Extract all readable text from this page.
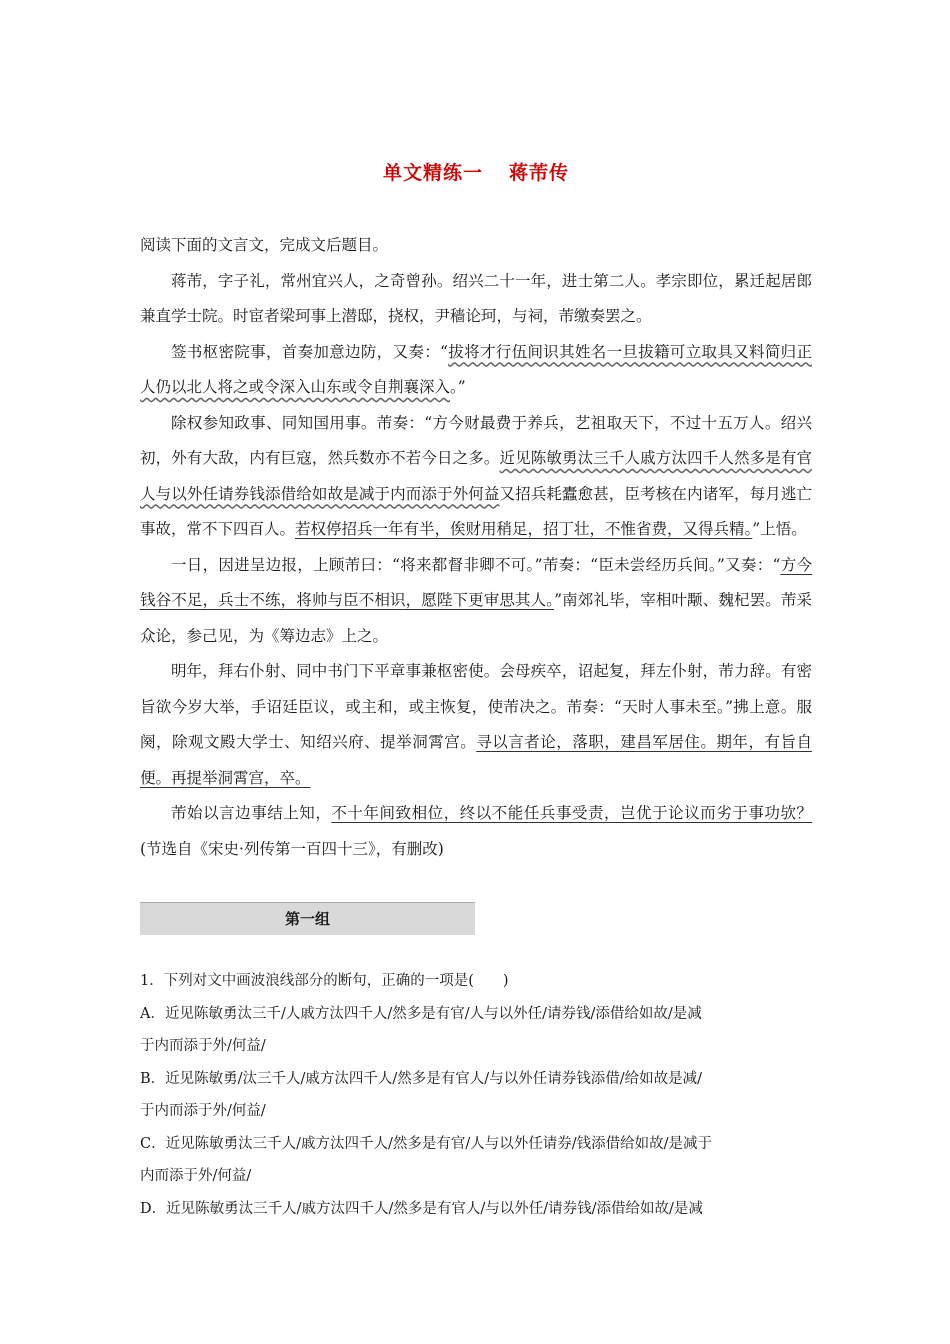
单文精练一 蒋芾传

阅读下面的文言文，完成文后题目。

蒋芾，字子礼，常州宜兴人，之奇曾孙。绍兴二十一年，进士第二人。孝宗即位，累迁起居郎兼直学士院。时宦者梁珂事上潜邸，挠权，尹穑论珂，与祠，芾缴奏罢之。

签书枢密院事，首奏加意边防，又奏：“拔将才行伍间识其姓名一旦拔籍可立取具又料简归正人仍以北人将之或令深入山东或令自荆襄深入。”

除权参知政事、同知国用事。芾奏：“方今财最费于养兵，艺祖取天下，不过十五万人。绍兴初，外有大敌，内有巨寇，然兵数亦不若今日之多。近见陈敏勇汰三千人戚方汰四千人然多是有官人与以外任请券钱添借给如故是减于内而添于外何益又招兵耗蠹愈甚，臣考核在内诸军，每月逃亡事故，常不下四百人。若权停招兵一年有半，俟财用稍足，招丁壮，不惟省费，又得兵精。”上悟。

一日，因进呈边报，上顾芾曰：“将来都督非卿不可。”芾奏：“臣未尝经历兵间。”又奏：“方今钱谷不足，兵士不练，将帅与臣不相识，愿陛下更审思其人。”南郊礼毕，宰相叶颙、魏杞罢。芾采众论，参己见，为《筹边志》上之。

明年，拜右仆射、同中书门下平章事兼枢密使。会母疾卒，诏起复，拜左仆射，芾力辞。有密旨欲今岁大举，手诏廷臣议，或主和，或主恢复，使芾决之。芾奏：“天时人事未至。”拂上意。服阕，除观文殿大学士、知绍兴府、提举洞霄宫。寻以言者论，落职，建昌军居住。期年，有旨自便。再提举洞霄宫，卒。

芾始以言边事结上知，不十年间致相位，终以不能任兵事受责，岂优于论议而劣于事功欤？(节选自《宋史·列传第一百四十三》，有删改)

第一组

1．下列对文中画波浪线部分的断句，正确的一项是(　　)

A．近见陈敏勇汰三千/人戚方汰四千人/然多是有官/人与以外任/请券钱/添借给如故/是减

于内而添于外/何益/

B．近见陈敏勇/汰三千人/戚方汰四千人/然多是有官人/与以外任请券钱添借/给如故是减/

于内而添于外/何益/

C．近见陈敏勇汰三千人/戚方汰四千人/然多是有官/人与以外任请券/钱添借给如故/是减于

内而添于外/何益/

D．近见陈敏勇汰三千人/戚方汰四千人/然多是有官人/与以外任/请券钱/添借给如故/是减
